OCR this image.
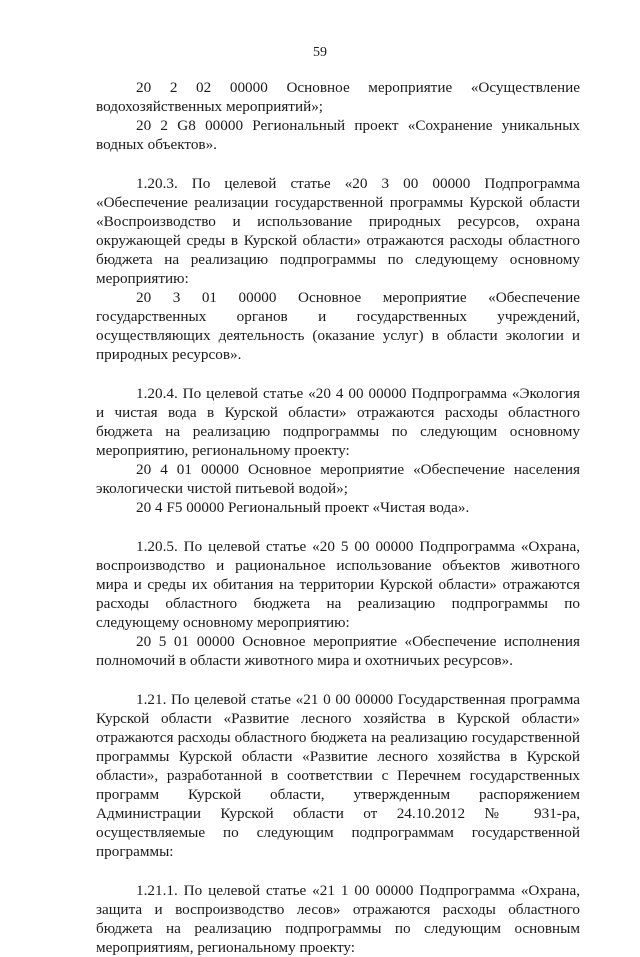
59

20 2 02 00000 Основное мероприятие «Осуществление водохозяйственных мероприятий»;

20 2 G8 00000 Региональный проект «Сохранение уникальных водных объектов».

1.20.3. По целевой статье «20 3 00 00000 Подпрограмма «Обеспечение реализации государственной программы Курской области «Воспроизводство и использование природных ресурсов, охрана окружающей среды в Курской области» отражаются расходы областного бюджета на реализацию подпрограммы по следующему основному мероприятию:

20 3 01 00000 Основное мероприятие «Обеспечение государственных органов и государственных учреждений, осуществляющих деятельность (оказание услуг) в области экологии и природных ресурсов».

1.20.4. По целевой статье «20 4 00 00000 Подпрограмма «Экология и чистая вода в Курской области» отражаются расходы областного бюджета на реализацию подпрограммы по следующим основному мероприятию, региональному проекту:

20 4 01 00000 Основное мероприятие «Обеспечение населения экологически чистой питьевой водой»;

20 4 F5 00000 Региональный проект «Чистая вода».

1.20.5. По целевой статье «20 5 00 00000 Подпрограмма «Охрана, воспроизводство и рациональное использование объектов животного мира и среды их обитания на территории Курской области» отражаются расходы областного бюджета на реализацию подпрограммы по следующему основному мероприятию:

20 5 01 00000 Основное мероприятие «Обеспечение исполнения полномочий в области животного мира и охотничьих ресурсов».

1.21. По целевой статье «21 0 00 00000 Государственная программа Курской области «Развитие лесного хозяйства в Курской области» отражаются расходы областного бюджета на реализацию государственной программы Курской области «Развитие лесного хозяйства в Курской области», разработанной в соответствии с Перечнем государственных программ Курской области, утвержденным распоряжением Администрации Курской области от 24.10.2012 № 931-ра, осуществляемые по следующим подпрограммам государственной программы:

1.21.1. По целевой статье «21 1 00 00000 Подпрограмма «Охрана, защита и воспроизводство лесов» отражаются расходы областного бюджета на реализацию подпрограммы по следующим основным мероприятиям, региональному проекту:
